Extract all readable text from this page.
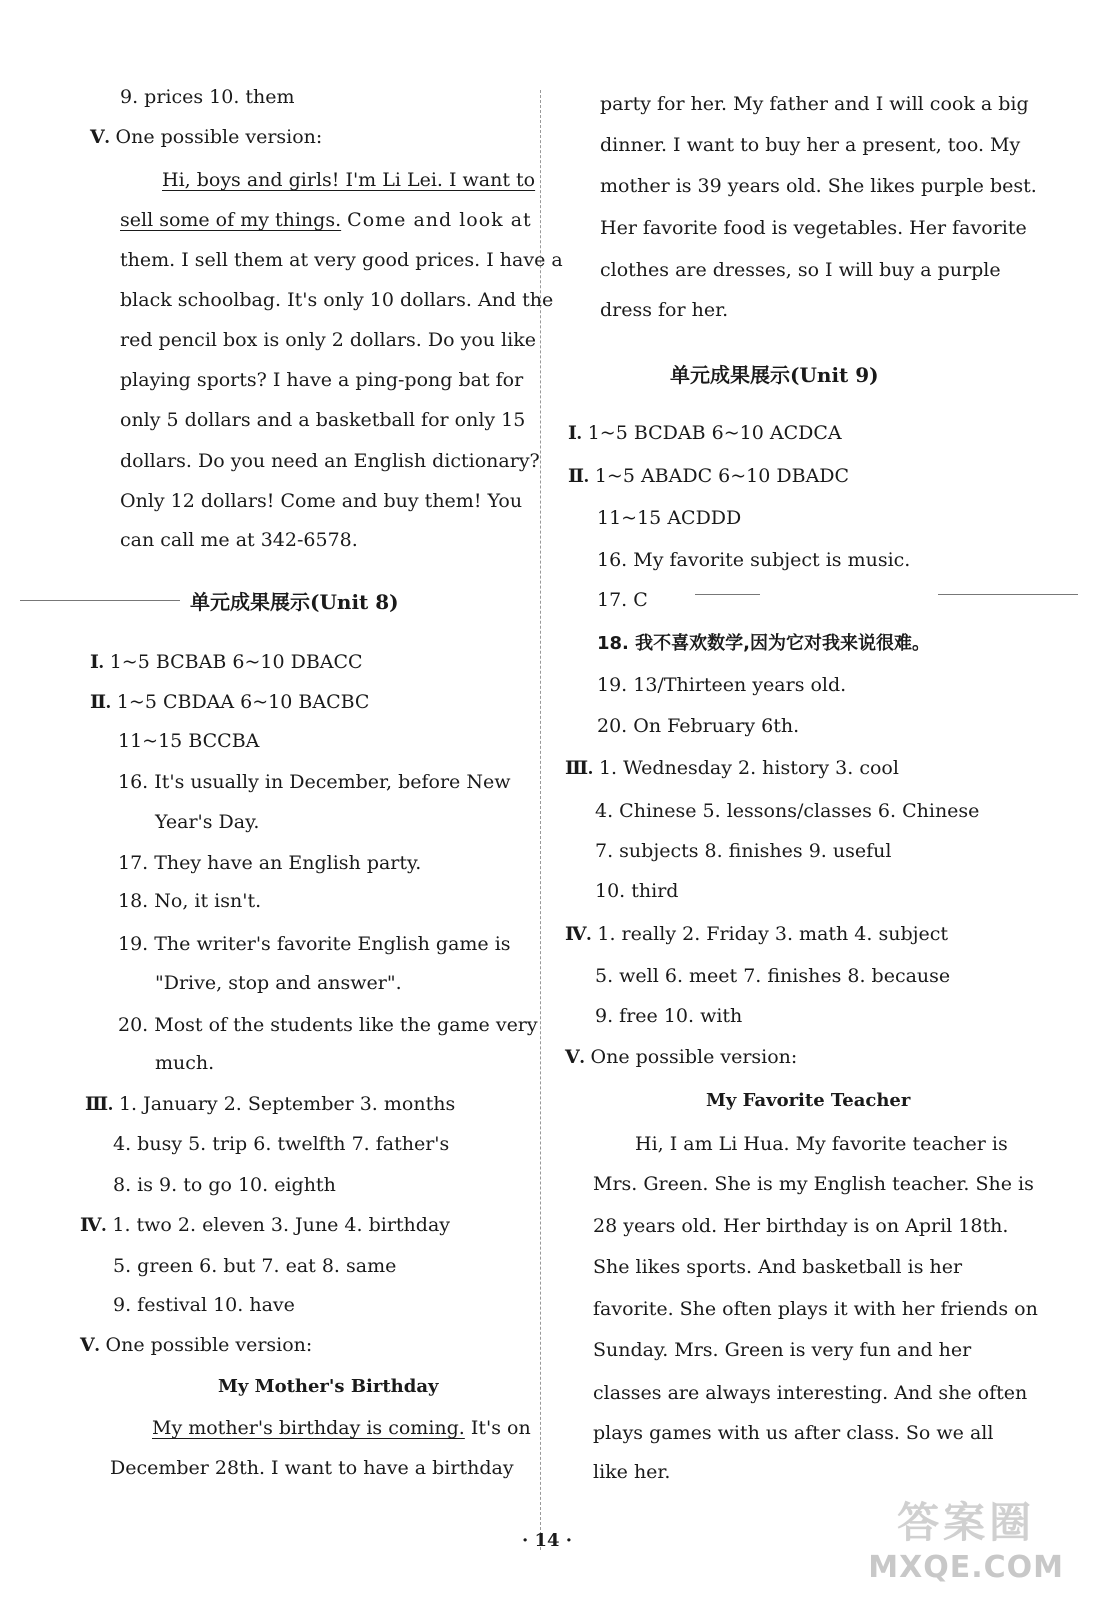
9. prices 10. them
Ⅴ. One possible version:
Hi, boys and girls! I'm Li Lei. I want to
sell some of my things. Come and look at
them. I sell them at very good prices. I have a
black schoolbag. It's only 10 dollars. And the
red pencil box is only 2 dollars. Do you like
playing sports? I have a ping-pong bat for
only 5 dollars and a basketball for only 15
dollars. Do you need an English dictionary?
Only 12 dollars! Come and buy them! You
can call me at 342-6578.
单元成果展示(Unit 8)
Ⅰ. 1~5 BCBAB 6~10 DBACC
Ⅱ. 1~5 CBDAA 6~10 BACBC
11~15 BCCBA
16. It's usually in December, before New
Year's Day.
17. They have an English party.
18. No, it isn't.
19. The writer's favorite English game is
"Drive, stop and answer".
20. Most of the students like the game very
much.
Ⅲ. 1. January 2. September 3. months
4. busy 5. trip 6. twelfth 7. father's
8. is 9. to go 10. eighth
Ⅳ. 1. two 2. eleven 3. June 4. birthday
5. green 6. but 7. eat 8. same
9. festival 10. have
Ⅴ. One possible version:
My Mother's Birthday
My mother's birthday is coming. It's on
December 28th. I want to have a birthday
party for her. My father and I will cook a big
dinner. I want to buy her a present, too. My
mother is 39 years old. She likes purple best.
Her favorite food is vegetables. Her favorite
clothes are dresses, so I will buy a purple
dress for her.
单元成果展示(Unit 9)
Ⅰ. 1~5 BCDAB 6~10 ACDCA
Ⅱ. 1~5 ABADC 6~10 DBADC
11~15 ACDDD
16. My favorite subject is music.
17. C
18. 我不喜欢数学,因为它对我来说很难。
19. 13/Thirteen years old.
20. On February 6th.
Ⅲ. 1. Wednesday 2. history 3. cool
4. Chinese 5. lessons/classes 6. Chinese
7. subjects 8. finishes 9. useful
10. third
Ⅳ. 1. really 2. Friday 3. math 4. subject
5. well 6. meet 7. finishes 8. because
9. free 10. with
Ⅴ. One possible version:
My Favorite Teacher
Hi, I am Li Hua. My favorite teacher is
Mrs. Green. She is my English teacher. She is
28 years old. Her birthday is on April 18th.
She likes sports. And basketball is her
favorite. She often plays it with her friends on
Sunday. Mrs. Green is very fun and her
classes are always interesting. And she often
plays games with us after class. So we all
like her.
· 14 ·	答案圈
MXQE.COM
